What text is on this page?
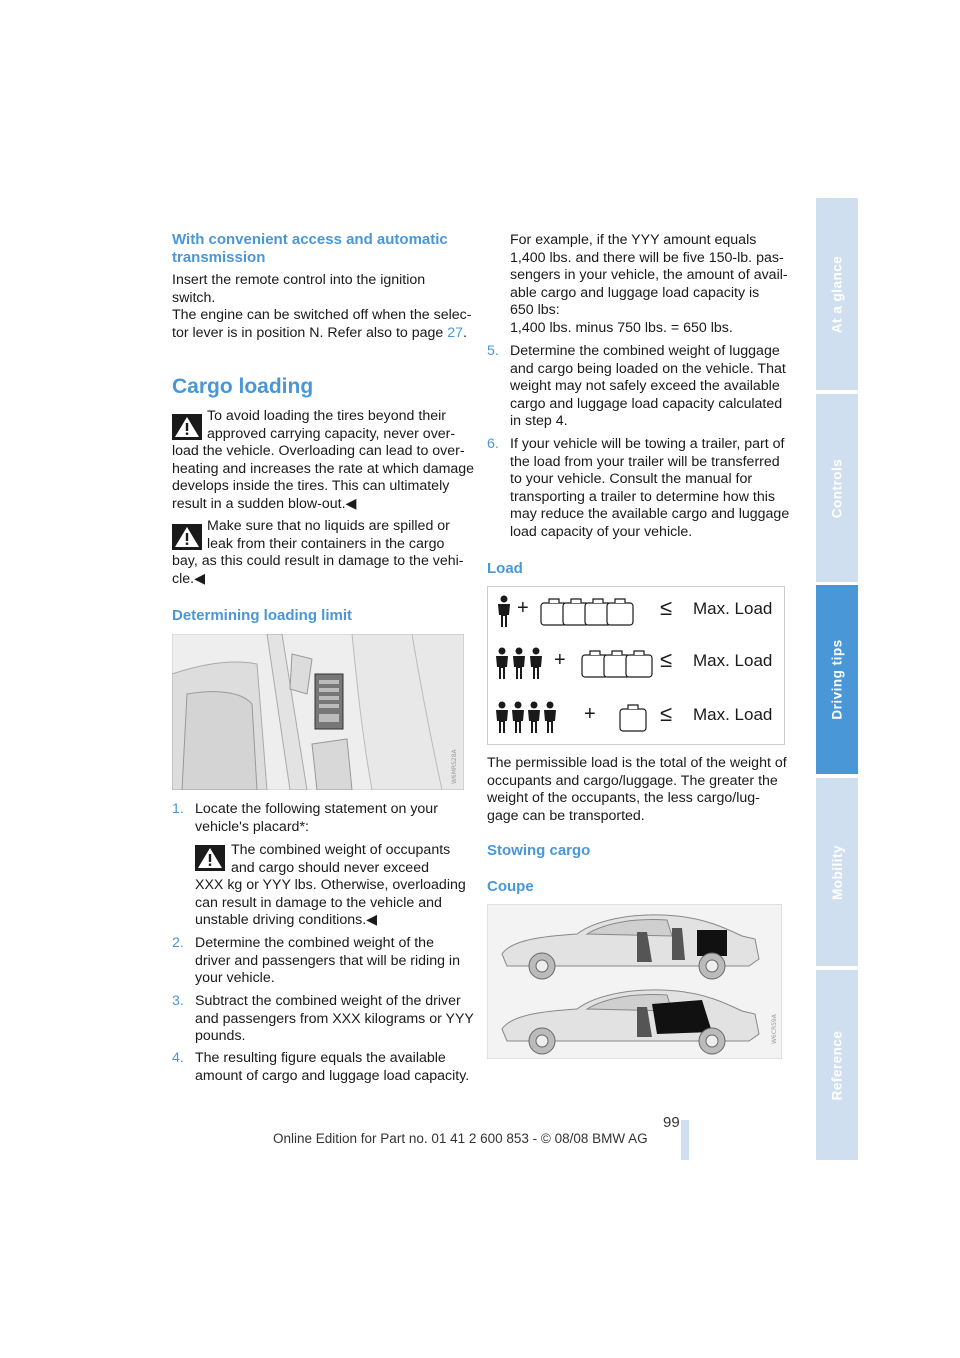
At a glance
Controls
Driving tips
Mobility
Reference
With convenient access and automatic
transmission
Insert the remote control into the ignition
switch.
The engine can be switched off when the selec-
tor lever is in position N. Refer also to page 27.
Cargo loading
To avoid loading the tires beyond their
approved carrying capacity, never over-
load the vehicle. Overloading can lead to over-
heating and increases the rate at which damage
develops inside the tires. This can ultimately
result in a sudden blow-out.◀
Make sure that no liquids are spilled or
leak from their containers in the cargo
bay, as this could result in damage to the vehi-
cle.◀
Determining loading limit
W6MRS28A
1. Locate the following statement on your
vehicle's placard*:
The combined weight of occupants
and cargo should never exceed
XXX kg or YYY lbs. Otherwise, overloading
can result in damage to the vehicle and
unstable driving conditions.◀
2. Determine the combined weight of the
driver and passengers that will be riding in
your vehicle.
3. Subtract the combined weight of the driver
and passengers from XXX kilograms or YYY
pounds.
4. The resulting figure equals the available
amount of cargo and luggage load capacity.
For example, if the YYY amount equals
1,400 lbs. and there will be five 150-lb. pas-
sengers in your vehicle, the amount of avail-
able cargo and luggage load capacity is
650 lbs:
1,400 lbs. minus 750 lbs. = 650 lbs.
5. Determine the combined weight of luggage
and cargo being loaded on the vehicle. That
weight may not safely exceed the available
cargo and luggage load capacity calculated
in step 4.
6. If your vehicle will be towing a trailer, part of
the load from your trailer will be transferred
to your vehicle. Consult the manual for
transporting a trailer to determine how this
may reduce the available cargo and luggage
load capacity of your vehicle.
Load
+	≤ Max. Load
+	≤ Max. Load
+	≤ Max. Load
The permissible load is the total of the weight of
occupants and cargo/luggage. The greater the
weight of the occupants, the less cargo/lug-
gage can be transported.
Stowing cargo
Coupe
W6CR59A
99
Online Edition for Part no. 01 41 2 600 853 - © 08/08 BMW AG
